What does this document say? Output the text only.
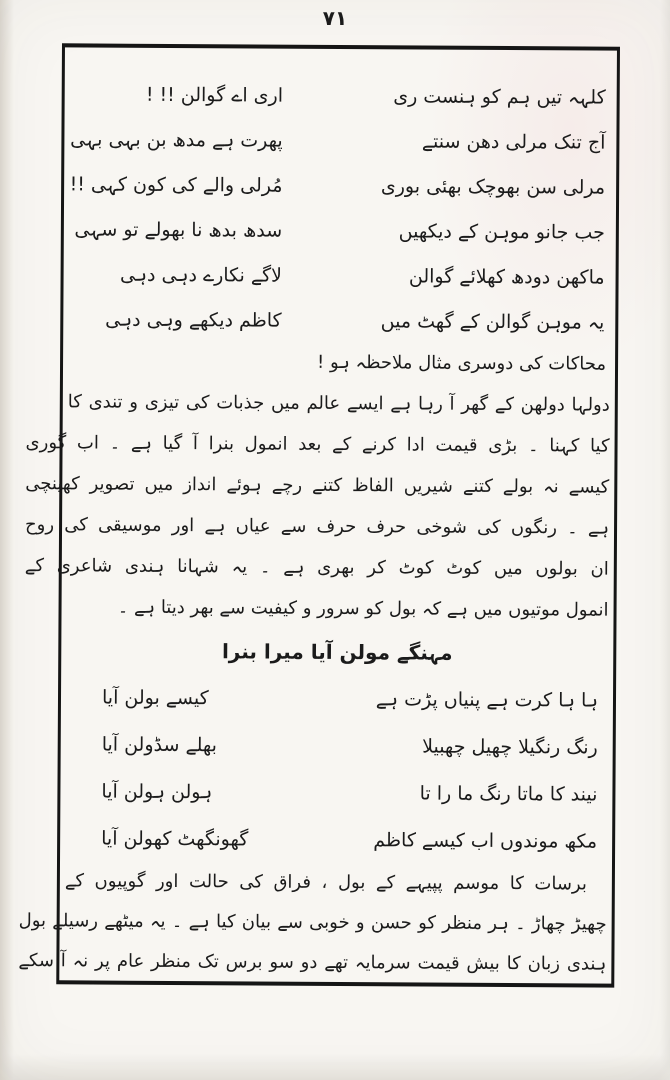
۷۱
کلہہ تیں ہم کو ہنست ری
اری اے گوالن !! !
آج تنک مرلی دھن سنتے
پھرت ہے مدھ بن بہی بہی
مرلی سن بھوچک بھئی بوری
مُرلی والے کی کون کہی !!
جب جانو موہن کے دیکھیں
سدھ بدھ نا بھولے تو سہی
ماکھن دودھ کھلائے گوالن
لاگے نکارے دہی دہی
یہ موہن گوالن کے گھٹ میں
کاظم دیکھے وہی دہی
محاکات کی دوسری مثال ملاحظہ ہو !
دولہا دولھن کے گھر آ رہا ہے ایسے عالم میں جذبات کی تیزی و تندی کا
کیا کہنا ۔ بڑی قیمت ادا کرنے کے بعد انمول بنرا آ گیا ہے ۔ اب گوری
کیسے نہ بولے کتنے شیریں الفاظ کتنے رچے ہوئے انداز میں تصویر کھینچی
ہے ۔ رنگوں کی شوخی حرف حرف سے عیاں ہے اور موسیقی کی روح
ان بولوں میں کوٹ کوٹ کر بھری ہے ۔ یہ شہانا ہندی شاعری کے
انمول موتیوں میں ہے کہ بول کو سرور و کیفیت سے بھر دیتا ہے ۔
مہنگے مولن آیا میرا بنرا
ہا ہا کرت ہے پنیاں پڑت ہے
کیسے بولن آیا
رنگ رنگیلا چھیل چھبیلا
بھلے سڈولن آیا
نیند کا ماتا رنگ ما را تا
ہولن ہولن آیا
مکھ موندوں اب کیسے کاظم
گھونگھٹ کھولن آیا
برسات کا موسم پپیہے کے بول ، فراق کی حالت اور گوپیوں کے
چھیڑ چھاڑ ۔ ہر منظر کو حسن و خوبی سے بیان کیا ہے ۔ یہ میٹھے رسیلے بول
ہندی زبان کا بیش قیمت سرمایہ تھے دو سو برس تک منظر عام پر نہ آ سکے
